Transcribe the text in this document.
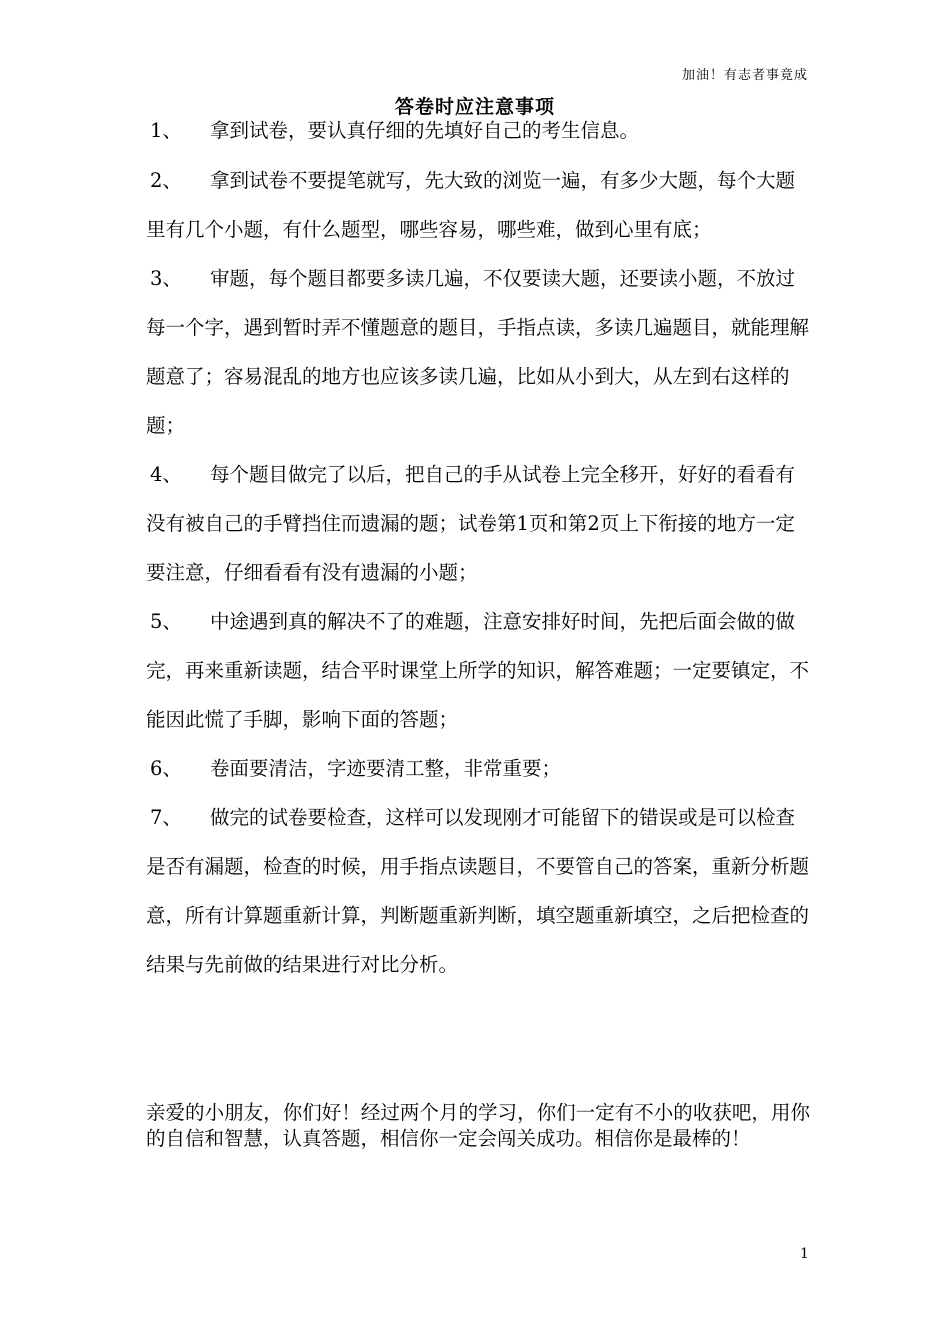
加油！有志者事竟成
答卷时应注意事项

1、 拿到试卷，要认真仔细的先填好自己的考生信息。

2、 拿到试卷不要提笔就写，先大致的浏览一遍，有多少大题，每个大题里有几个小题，有什么题型，哪些容易，哪些难，做到心里有底；

3、 审题，每个题目都要多读几遍，不仅要读大题，还要读小题，不放过每一个字，遇到暂时弄不懂题意的题目，手指点读，多读几遍题目，就能理解题意了；容易混乱的地方也应该多读几遍，比如从小到大，从左到右这样的题；

4、 每个题目做完了以后，把自己的手从试卷上完全移开，好好的看看有没有被自己的手臂挡住而遗漏的题；试卷第1页和第2页上下衔接的地方一定要注意，仔细看看有没有遗漏的小题；

5、 中途遇到真的解决不了的难题，注意安排好时间，先把后面会做的做完，再来重新读题，结合平时课堂上所学的知识，解答难题；一定要镇定，不能因此慌了手脚，影响下面的答题；

6、 卷面要清洁，字迹要清工整，非常重要；

7、 做完的试卷要检查，这样可以发现刚才可能留下的错误或是可以检查是否有漏题，检查的时候，用手指点读题目，不要管自己的答案，重新分析题意，所有计算题重新计算，判断题重新判断，填空题重新填空，之后把检查的结果与先前做的结果进行对比分析。

亲爱的小朋友，你们好！经过两个月的学习，你们一定有不小的收获吧，用你的自信和智慧，认真答题，相信你一定会闯关成功。相信你是最棒的！
1
